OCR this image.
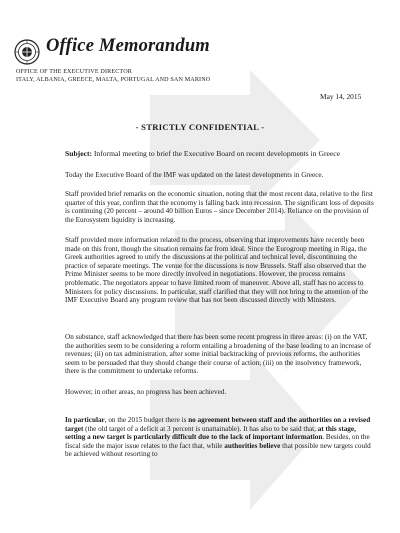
Office Memorandum
OFFICE OF THE EXECUTIVE DIRECTOR
ITALY, ALBANIA, GREECE, MALTA, PORTUGAL AND SAN MARINO
May 14, 2015
- STRICTLY CONFIDENTIAL -
Subject: Informal meeting to brief the Executive Board on recent developments in Greece

Today the Executive Board of the IMF was updated on the latest developments in Greece.

Staff provided brief remarks on the economic situation, noting that the most recent data, relative to the first quarter of this year, confirm that the economy is falling back into recession. The significant loss of deposits is continuing (20 percent – around 40 billion Euros – since December 2014). Reliance on the provision of the Eurosystem liquidity is increasing.

Staff provided more information related to the process, observing that improvements have recently been made on this front, though the situation remains far from ideal. Since the Eurogroup meeting in Riga, the Greek authorities agreed to unify the discussions at the political and technical level, discontinuing the practice of separate meetings. The venue for the discussions is now Brussels. Staff also observed that the Prime Minister seems to be more directly involved in negotiations. However, the process remains problematic. The negotiators appear to have limited room of maneuver. Above all, staff has no access to Ministers for policy discussions. In particular, staff clarified that they will not bring to the attention of the IMF Executive Board any program review that has not been discussed directly with Ministers.

On substance, staff acknowledged that there has been some recent progress in three areas: (i) on the VAT, the authorities seem to be considering a reform entailing a broadening of the base leading to an increase of revenues; (ii) on tax administration, after some initial backtracking of previous reforms, the authorities seem to be persuaded that they should change their course of action; (iii) on the insolvency framework, there is the commitment to undertake reforms.

However, in other areas, no progress has been achieved.

In particular, on the 2015 budget there is no agreement between staff and the authorities on a revised target (the old target of a deficit at 3 percent is unattainable). It has also to be said that, at this stage, setting a new target is particularly difficult due to the lack of important information. Besides, on the fiscal side the major issue relates to the fact that, while authorities believe that possible new targets could be achieved without resorting to
